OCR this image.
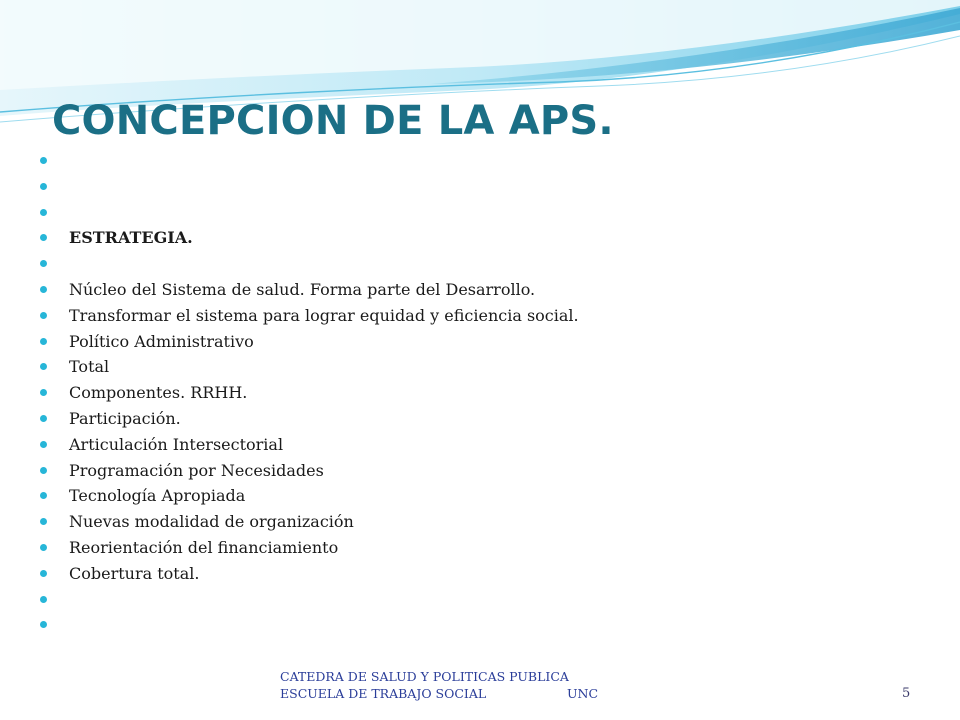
CONCEPCION DE LA APS.
ESTRATEGIA.
Núcleo del Sistema de salud. Forma parte del Desarrollo.
Transformar el sistema para lograr equidad y eficiencia social.
Político Administrativo
Total
Componentes. RRHH.
Participación.
Articulación Intersectorial
Programación por Necesidades
Tecnología Apropiada
Nuevas modalidad de organización
Reorientación del financiamiento
Cobertura total.
CATEDRA DE SALUD Y POLITICAS PUBLICA
ESCUELA DE TRABAJO SOCIAL	UNC	5
